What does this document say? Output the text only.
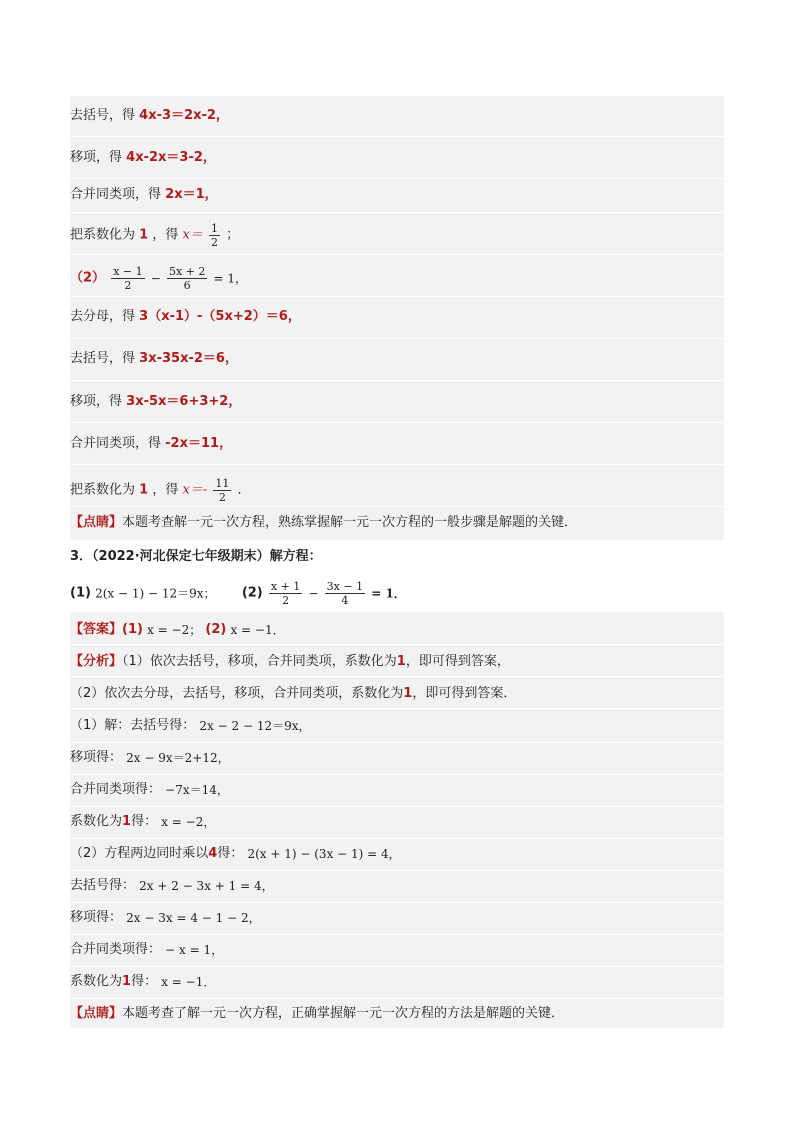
去括号，得 4x-3＝2x-2，
移项，得 4x-2x＝3-2，
合并同类项，得 2x＝1，
把系数化为 1 ，得 $x= \frac{1}{2}$ ；
$(2) \frac{x - 1}{2} - \frac{5x + 2}{6} = 1$，
去分母，得 3（x-1）-（5x+2）＝6，
去括号，得 3x-35x-2＝6，
移项，得 3x-5x＝6+3+2，
合并同类项，得 -2x＝11，
把系数化为 1 ，得 $x=- \frac{11}{2}$ ．
【点睛】本题考查解一元一次方程，熟练掌握解一元一次方程的一般步骤是解题的关键．
3．（2022·河北保定七年级期末）解方程：
(1) 2(x − 1) − 12＝9x； $(2) \frac{x + 1}{2} - \frac{3x - 1}{4} = 1$．
【答案】(1) x = −2； (2) x = −1．
【分析】（1）依次去括号，移项，合并同类项，系数化为1，即可得到答案，
（2）依次去分母，去括号，移项，合并同类项，系数化为1，即可得到答案．
（1）解：去括号得： 2x − 2 − 12＝9x，
移项得： 2x − 9x＝2+12，
合并同类项得： −7x＝14，
系数化为1得： x = −2，
（2）方程两边同时乘以4得： 2(x + 1) − (3x − 1) = 4，
去括号得： 2x + 2 − 3x + 1 = 4，
移项得： 2x − 3x = 4 − 1 − 2，
合并同类项得： − x = 1，
系数化为1得： x = −1．
【点睛】本题考查了解一元一次方程，正确掌握解一元一次方程的方法是解题的关键．
